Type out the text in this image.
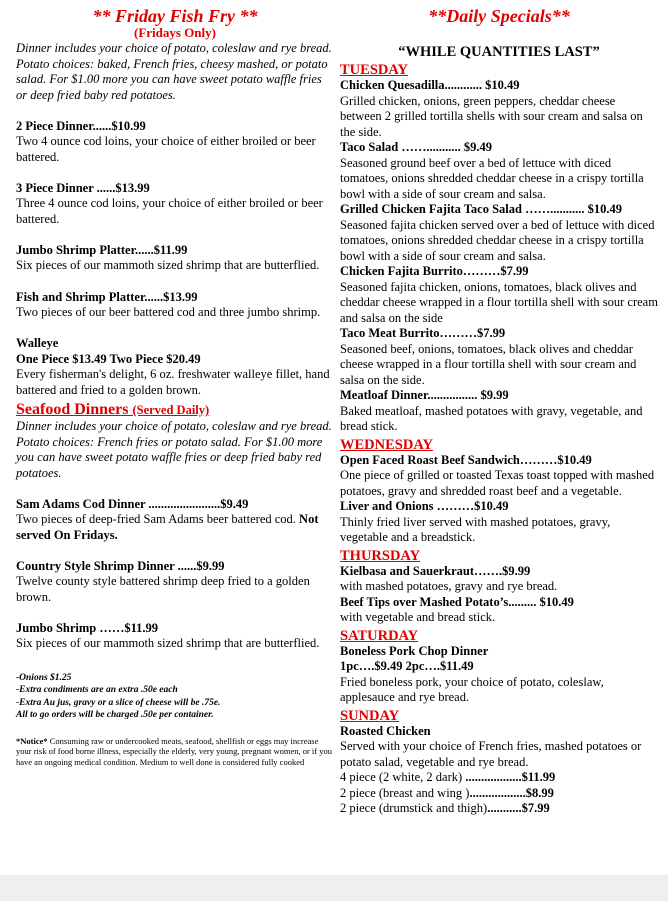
** Friday Fish Fry **
(Fridays Only)
Dinner includes your choice of potato, coleslaw and rye bread. Potato choices: baked, French fries, cheesy mashed, or potato salad. For $1.00 more you can have sweet potato waffle fries or deep fried baby red potatoes.
2 Piece Dinner......$10.99
Two 4 ounce cod loins, your choice of either broiled or beer battered.
3 Piece Dinner ......$13.99
Three 4 ounce cod loins, your choice of either broiled or beer battered.
Jumbo Shrimp Platter......$11.99
Six pieces of our mammoth sized shrimp that are butterflied.
Fish and Shrimp Platter......$13.99
Two pieces of our beer battered cod and three jumbo shrimp.
Walleye
One Piece $13.49 Two Piece $20.49
Every fisherman's delight, 6 oz. freshwater walleye fillet, hand battered and fried to a golden brown.
Seafood Dinners (Served Daily)
Dinner includes your choice of potato, coleslaw and rye bread.
Potato choices: French fries or potato salad. For $1.00 more you can have sweet potato waffle fries or deep fried baby red potatoes.
Sam Adams Cod Dinner .......................$9.49
Two pieces of deep-fried Sam Adams beer battered cod. Not served On Fridays.
Country Style Shrimp Dinner ......$9.99
Twelve county style battered shrimp deep fried to a golden brown.
Jumbo Shrimp ……$11.99
Six pieces of our mammoth sized shrimp that are butterflied.
-Onions $1.25
-Extra condiments are an extra .50e each
-Extra Au jus, gravy or a slice of cheese will be .75e.
All to go orders will be charged .50e per container.
*Notice* Consuming raw or undercooked meats, seafood, shellfish or eggs may increase your risk of food borne illness, especially the elderly, very young, pregnant women, or if you have an ongoing medical condition. Medium to well done is considered fully cooked
**Daily Specials**
“WHILE QUANTITIES LAST”
TUESDAY
Chicken Quesadilla............ $10.49
Grilled chicken, onions, green peppers, cheddar cheese between 2 grilled tortilla shells with sour cream and salsa on the side.
Taco Salad ……........... $9.49
Seasoned ground beef over a bed of lettuce with diced tomatoes, onions shredded cheddar cheese in a crispy tortilla bowl with a side of sour cream and salsa.
Grilled Chicken Fajita Taco Salad ……........... $10.49
Seasoned fajita chicken served over a bed of lettuce with diced tomatoes, onions shredded cheddar cheese in a crispy tortilla bowl with a side of sour cream and salsa.
Chicken Fajita Burrito………$7.99
Seasoned fajita chicken, onions, tomatoes, black olives and cheddar cheese wrapped in a flour tortilla shell with sour cream and salsa on the side
Taco Meat Burrito………$7.99
Seasoned beef, onions, tomatoes, black olives and cheddar cheese wrapped in a flour tortilla shell with sour cream and salsa on the side.
Meatloaf Dinner................ $9.99
Baked meatloaf, mashed potatoes with gravy, vegetable, and bread stick.
WEDNESDAY
Open Faced Roast Beef Sandwich………$10.49
One piece of grilled or toasted Texas toast topped with mashed potatoes, gravy and shredded roast beef and a vegetable.
Liver and Onions ………$10.49
Thinly fried liver served with mashed potatoes, gravy, vegetable and a breadstick.
THURSDAY
Kielbasa and Sauerkraut…….$9.99
with mashed potatoes, gravy and rye bread.
Beef Tips over Mashed Potato’s......... $10.49
with vegetable and bread stick.
SATURDAY
Boneless Pork Chop Dinner
1pc….$9.49 2pc….$11.49
Fried boneless pork, your choice of potato, coleslaw, applesauce and rye bread.
SUNDAY
Roasted Chicken
Served with your choice of French fries, mashed potatoes or potato salad, vegetable and rye bread.
4 piece (2 white, 2 dark) ..................$11.99
2 piece (breast and wing )..................$8.99
2 piece (drumstick and thigh)...........$7.99
